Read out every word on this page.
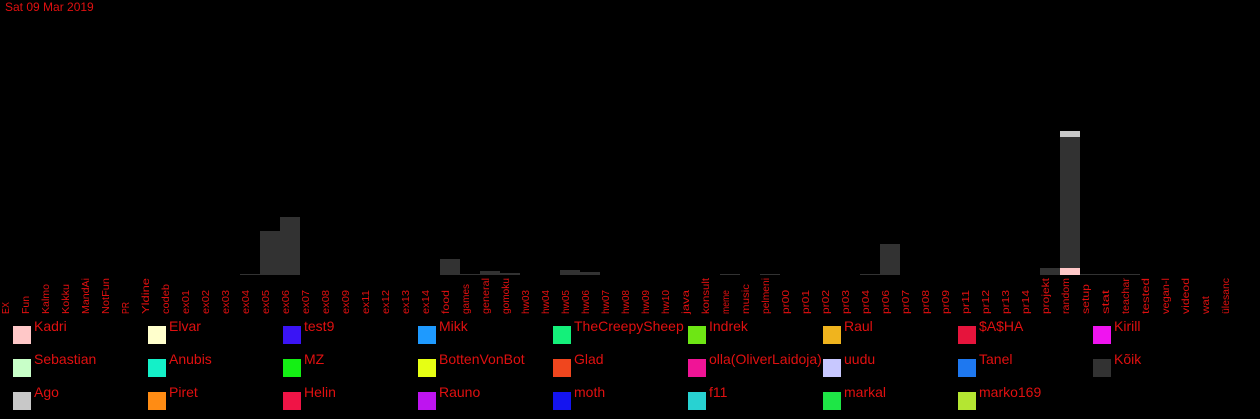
Sat 09 Mar 2019
EX Fun Kalmo Kokku MandAi NotFun PR Yldine codeb ex01 ex02 ex03 ex04 ex05 ex06 ex07 ex08 ex09 ex11 ex12 ex13 ex14 food games general gomoku hw03 hw04 hw05 hw06 hw07 hw08 hw09 hw10 java konsult meme music pelmeni pr00 pr01 pr02 pr03 pr04 pr06 pr07 pr08 pr09 pr11 pr12 pr13 pr14 projekt random setup stat teachar tested vegan-l videod wat ülesanc
Kadri	Elvar	test9	Mikk	TheCreepySheep	Indrek	Raul	$A$HA	Kirill
Sebastian	Anubis	MZ	BottenVonBot	Glad	olla(OliverLaidoja) uudu	Tanel	Kõik
Ago	Piret	Helin	Rauno	moth	f11	markal	marko169
